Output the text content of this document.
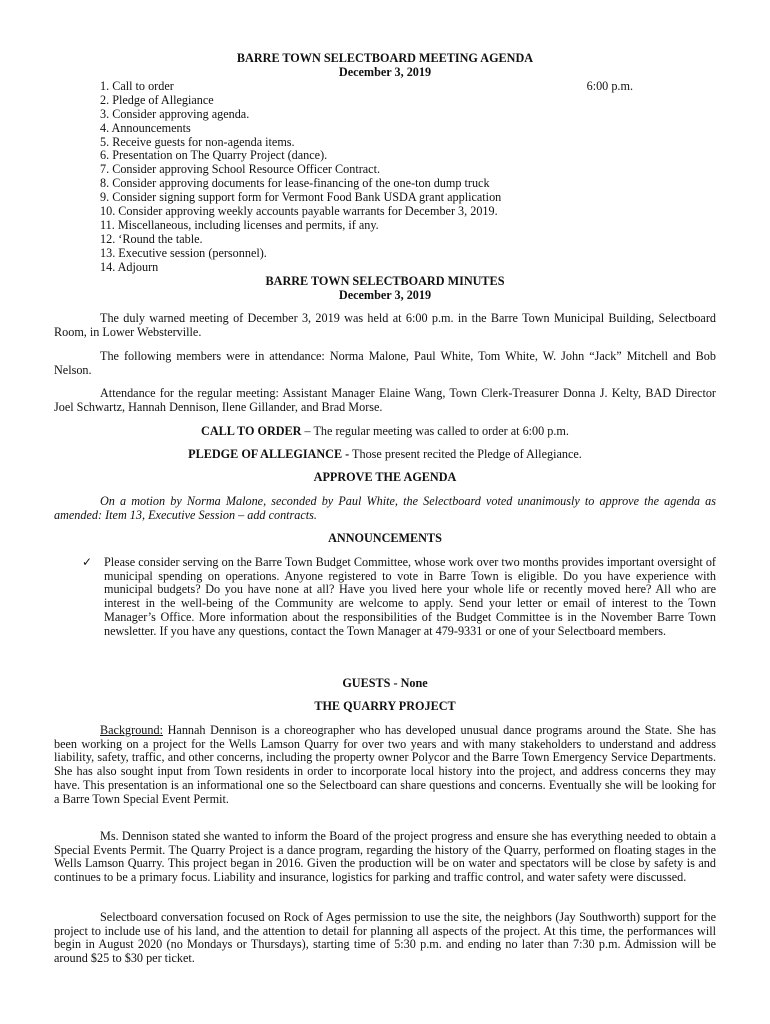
BARRE TOWN SELECTBOARD MEETING AGENDA
December 3, 2019
1. Call to order	6:00 p.m.
2. Pledge of Allegiance
3. Consider approving agenda.
4. Announcements
5. Receive guests for non-agenda items.
6. Presentation on The Quarry Project (dance).
7. Consider approving School Resource Officer Contract.
8. Consider approving documents for lease-financing of the one-ton dump truck
9. Consider signing support form for Vermont Food Bank USDA grant application
10. Consider approving weekly accounts payable warrants for December 3, 2019.
11. Miscellaneous, including licenses and permits, if any.
12. ‘Round the table.
13. Executive session (personnel).
14. Adjourn
BARRE TOWN SELECTBOARD MINUTES
December 3, 2019

The duly warned meeting of December 3, 2019 was held at 6:00 p.m. in the Barre Town Municipal Building, Selectboard Room, in Lower Websterville.

The following members were in attendance: Norma Malone, Paul White, Tom White, W. John “Jack” Mitchell and Bob Nelson.

Attendance for the regular meeting: Assistant Manager Elaine Wang, Town Clerk-Treasurer Donna J. Kelty, BAD Director Joel Schwartz, Hannah Dennison, Ilene Gillander, and Brad Morse.

CALL TO ORDER – The regular meeting was called to order at 6:00 p.m.
PLEDGE OF ALLEGIANCE - Those present recited the Pledge of Allegiance.
APPROVE THE AGENDA

On a motion by Norma Malone, seconded by Paul White, the Selectboard voted unanimously to approve the agenda as amended: Item 13, Executive Session – add contracts.

ANNOUNCEMENTS
✓ Please consider serving on the Barre Town Budget Committee, whose work over two months provides important oversight of municipal spending on operations. Anyone registered to vote in Barre Town is eligible. Do you have experience with municipal budgets? Do you have none at all? Have you lived here your whole life or recently moved here? All who are interest in the well-being of the Community are welcome to apply. Send your letter or email of interest to the Town Manager’s Office. More information about the responsibilities of the Budget Committee is in the November Barre Town newsletter. If you have any questions, contact the Town Manager at 479-9331 or one of your Selectboard members.
GUESTS - None
THE QUARRY PROJECT

Background: Hannah Dennison is a choreographer who has developed unusual dance programs around the State. She has been working on a project for the Wells Lamson Quarry for over two years and with many stakeholders to understand and address liability, safety, traffic, and other concerns, including the property owner Polycor and the Barre Town Emergency Service Departments. She has also sought input from Town residents in order to incorporate local history into the project, and address concerns they may have. This presentation is an informational one so the Selectboard can share questions and concerns. Eventually she will be looking for a Barre Town Special Event Permit.

Ms. Dennison stated she wanted to inform the Board of the project progress and ensure she has everything needed to obtain a Special Events Permit. The Quarry Project is a dance program, regarding the history of the Quarry, performed on floating stages in the Wells Lamson Quarry. This project began in 2016. Given the production will be on water and spectators will be close by safety is and continues to be a primary focus. Liability and insurance, logistics for parking and traffic control, and water safety were discussed.

Selectboard conversation focused on Rock of Ages permission to use the site, the neighbors (Jay Southworth) support for the project to include use of his land, and the attention to detail for planning all aspects of the project. At this time, the performances will begin in August 2020 (no Mondays or Thursdays), starting time of 5:30 p.m. and ending no later than 7:30 p.m. Admission will be around $25 to $30 per ticket.
